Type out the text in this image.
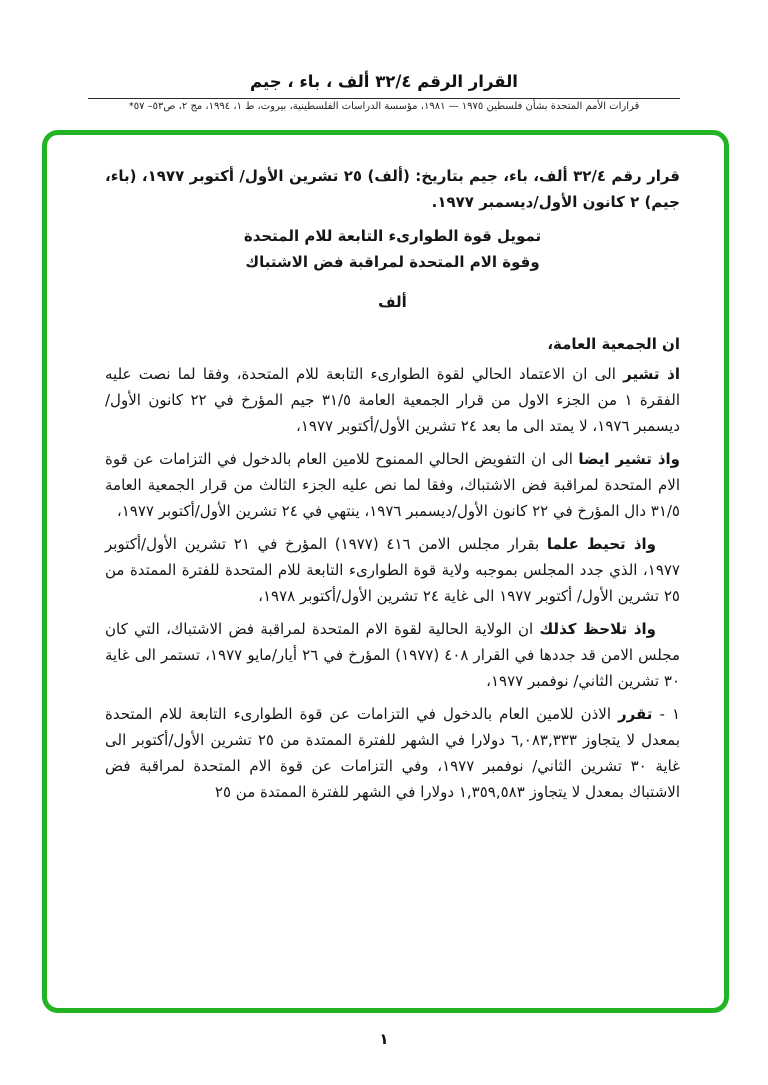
القرار الرقم ٣٢/٤ ألف ، باء ، جيم
قرارات الأمم المتحدة بشأن فلسطين ١٩٧٥ — ١٩٨١، مؤسسة الدراسات الفلسطينية، بيروت، ط ١، ١٩٩٤، مج ٢، ص٥٣– ٥٧*

قرار رقم ٣٢/٤ ألف، باء، جيم بتاريخ: (ألف) ٢٥ تشرين الأول/ أكتوبر ١٩٧٧، (باء، جيم) ٢ كانون الأول/ديسمبر ١٩٧٧.

تمويل قوة الطوارىء التابعة للام المتحدة

وقوة الام المتحدة لمراقبة فض الاشتباك

ألف

ان الجمعية العامة،

اذ تشير الى ان الاعتماد الحالي لقوة الطوارىء التابعة للام المتحدة، وفقا لما نصت عليه الفقرة ١ من الجزء الاول من قرار الجمعية العامة ٣١/٥ جيم المؤرخ في ٢٢ كانون الأول/ديسمبر ١٩٧٦، لا يمتد الى ما بعد ٢٤ تشرين الأول/أكتوبر ١٩٧٧،

واذ تشير ايضا الى ان التفويض الحالي الممنوح للامين العام بالدخول في التزامات عن قوة الام المتحدة لمراقبة فض الاشتباك، وفقا لما نص عليه الجزء الثالث من قرار الجمعية العامة ٣١/٥ دال المؤرخ في ٢٢ كانون الأول/ديسمبر ١٩٧٦، ينتهي في ٢٤ تشرين الأول/أكتوبر ١٩٧٧،

واذ تحيط علما بقرار مجلس الامن ٤١٦ (١٩٧٧) المؤرخ في ٢١ تشرين الأول/أكتوبر ١٩٧٧، الذي جدد المجلس بموجبه ولاية قوة الطوارىء التابعة للام المتحدة للفترة الممتدة من ٢٥ تشرين الأول/ أكتوبر ١٩٧٧ الى غاية ٢٤ تشرين الأول/أكتوبر ١٩٧٨،

واذ تلاحظ كذلك ان الولاية الحالية لقوة الام المتحدة لمراقبة فض الاشتباك، التي كان مجلس الامن قد جددها في القرار ٤٠٨ (١٩٧٧) المؤرخ في ٢٦ أيار/مايو ١٩٧٧، تستمر الى غاية ٣٠ تشرين الثاني/ نوفمبر ١٩٧٧،

١ - تقرر الاذن للامين العام بالدخول في التزامات عن قوة الطوارىء التابعة للام المتحدة بمعدل لا يتجاوز ٦,٠٨٣,٣٣٣ دولارا في الشهر للفترة الممتدة من ٢٥ تشرين الأول/أكتوبر الى غاية ٣٠ تشرين الثاني/ نوفمبر ١٩٧٧، وفي التزامات عن قوة الام المتحدة لمراقبة فض الاشتباك بمعدل لا يتجاوز ١,٣٥٩,٥٨٣ دولارا في الشهر للفترة الممتدة من ٢٥

١
